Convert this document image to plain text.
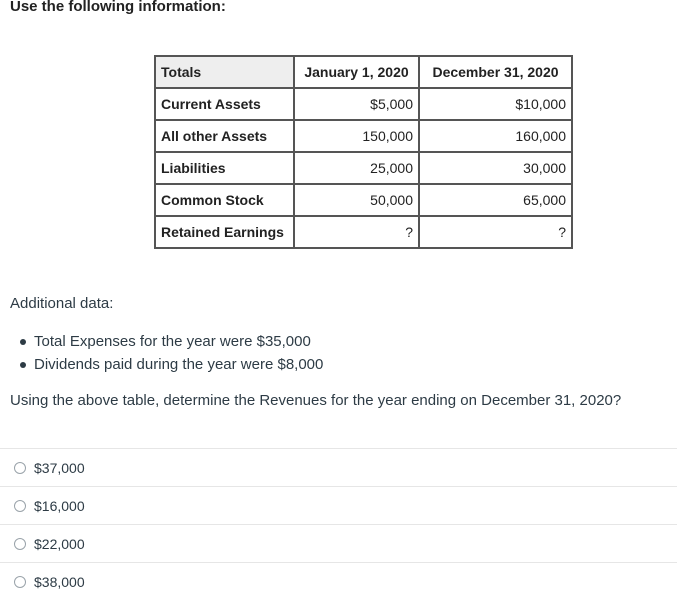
Use the following information:
Totals	January 1, 2020	December 31, 2020
Current Assets	$5,000	$10,000
All other Assets	150,000	160,000
Liabilities	25,000	30,000
Common Stock	50,000	65,000
Retained Earnings	?	?
Additional data:
Total Expenses for the year were $35,000
Dividends paid during the year were $8,000
Using the above table, determine the Revenues for the year ending on December 31, 2020?
$37,000
$16,000
$22,000
$38,000
